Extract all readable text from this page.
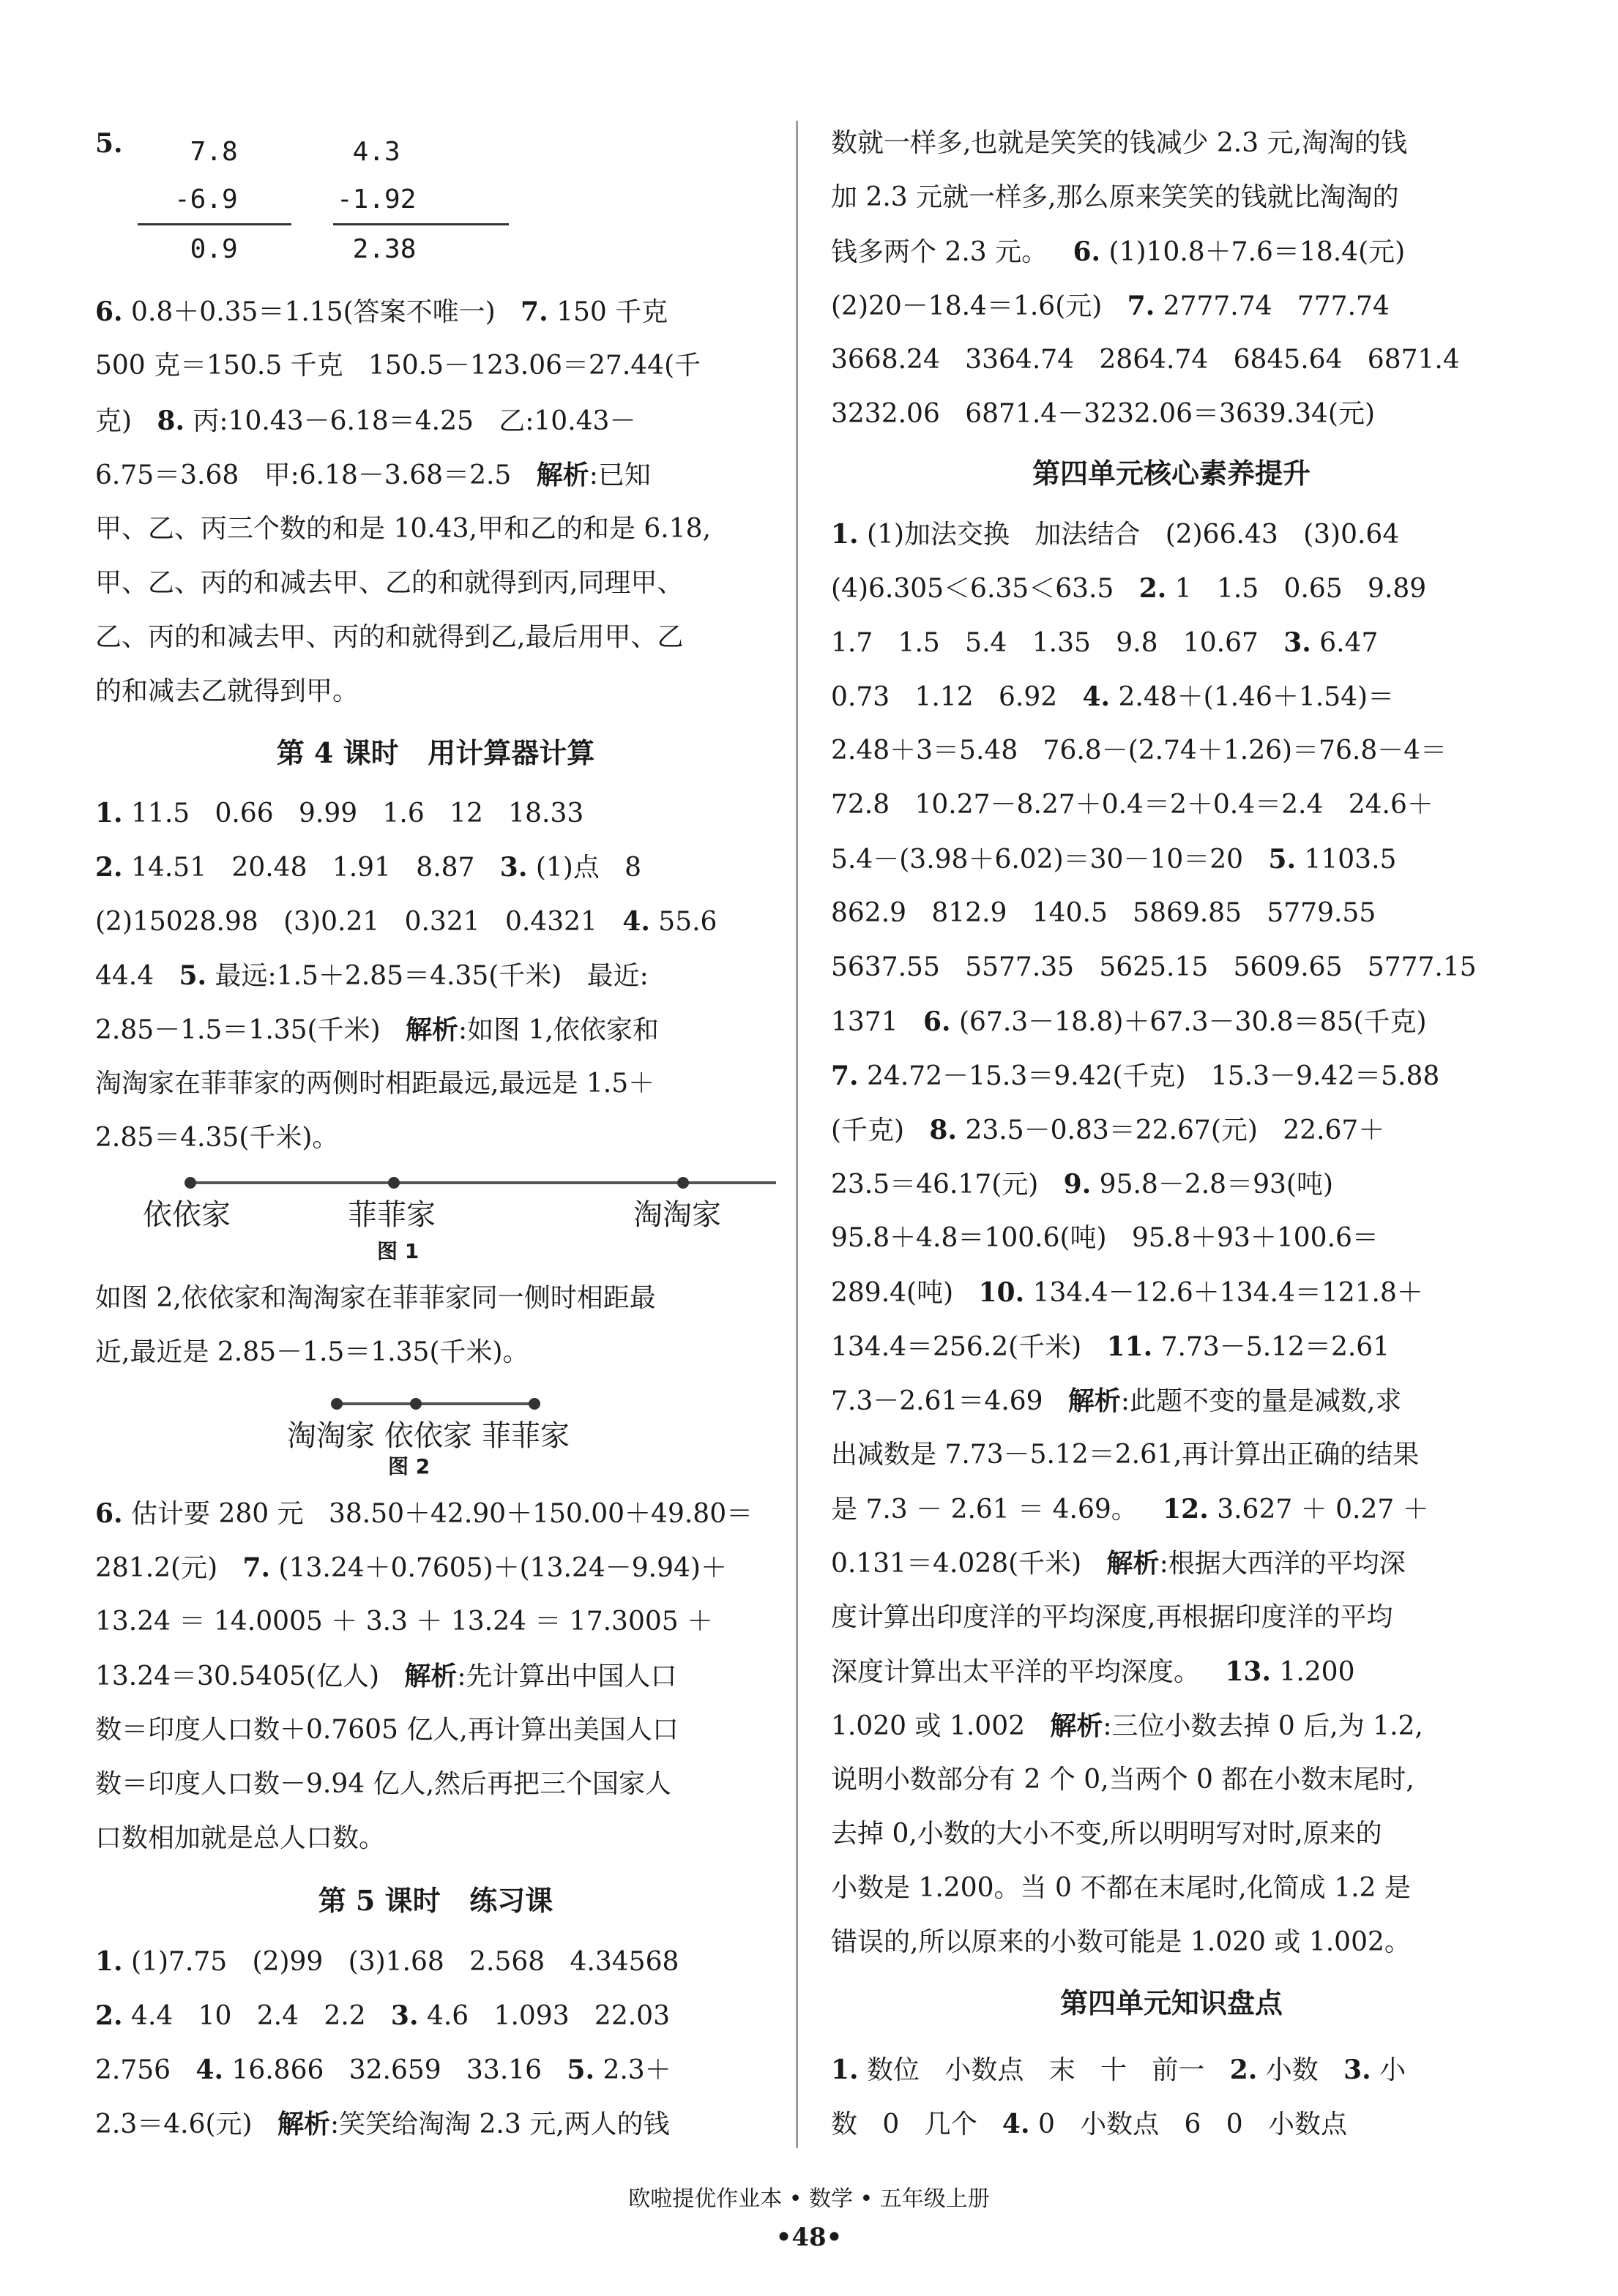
5. 7.8
-6.9
0.9
4.3
-1.92
2.38
6. 0.8＋0.35＝1.15(答案不唯一)   7. 150 千克
500 克＝150.5 千克   150.5－123.06＝27.44(千
克)   8. 丙:10.43－6.18＝4.25   乙:10.43－
6.75＝3.68   甲:6.18－3.68＝2.5   解析:已知
甲、乙、丙三个数的和是 10.43,甲和乙的和是 6.18,
甲、乙、丙的和减去甲、乙的和就得到丙,同理甲、
乙、丙的和减去甲、丙的和就得到乙,最后用甲、乙
的和减去乙就得到甲。
第 4 课时   用计算器计算
1. 11.5   0.66   9.99   1.6   12   18.33
2. 14.51   20.48   1.91   8.87   3. (1)点   8
(2)15028.98   (3)0.21   0.321   0.4321   4. 55.6
44.4   5. 最远:1.5＋2.85＝4.35(千米)   最近:
2.85－1.5＝1.35(千米)   解析:如图 1,依依家和
淘淘家在菲菲家的两侧时相距最远,最远是 1.5＋
2.85＝4.35(千米)。
依依家	菲菲家	淘淘家
图 1
如图 2,依依家和淘淘家在菲菲家同一侧时相距最
近,最近是 2.85－1.5＝1.35(千米)。
淘淘家 依依家 菲菲家
图 2
6. 估计要 280 元   38.50＋42.90＋150.00＋49.80＝
281.2(元)   7. (13.24＋0.7605)＋(13.24－9.94)＋
13.24 ＝ 14.0005 ＋ 3.3 ＋ 13.24 ＝ 17.3005 ＋
13.24＝30.5405(亿人)   解析:先计算出中国人口
数＝印度人口数＋0.7605 亿人,再计算出美国人口
数＝印度人口数－9.94 亿人,然后再把三个国家人
口数相加就是总人口数。
第 5 课时   练习课
1. (1)7.75   (2)99   (3)1.68   2.568   4.34568
2. 4.4   10   2.4   2.2   3. 4.6   1.093   22.03
2.756   4. 16.866   32.659   33.16   5. 2.3＋
2.3＝4.6(元)   解析:笑笑给淘淘 2.3 元,两人的钱
数就一样多,也就是笑笑的钱减少 2.3 元,淘淘的钱
加 2.3 元就一样多,那么原来笑笑的钱就比淘淘的
钱多两个 2.3 元。   6. (1)10.8＋7.6＝18.4(元)
(2)20－18.4＝1.6(元)   7. 2777.74   777.74
3668.24   3364.74   2864.74   6845.64   6871.4
3232.06   6871.4－3232.06＝3639.34(元)
第四单元核心素养提升
1. (1)加法交换   加法结合   (2)66.43   (3)0.64
(4)6.305＜6.35＜63.5   2. 1   1.5   0.65   9.89
1.7   1.5   5.4   1.35   9.8   10.67   3. 6.47
0.73   1.12   6.92   4. 2.48＋(1.46＋1.54)＝
2.48＋3＝5.48   76.8－(2.74＋1.26)＝76.8－4＝
72.8   10.27－8.27＋0.4＝2＋0.4＝2.4   24.6＋
5.4－(3.98＋6.02)＝30－10＝20   5. 1103.5
862.9   812.9   140.5   5869.85   5779.55
5637.55   5577.35   5625.15   5609.65   5777.15
1371   6. (67.3－18.8)＋67.3－30.8＝85(千克)
7. 24.72－15.3＝9.42(千克)   15.3－9.42＝5.88
(千克)   8. 23.5－0.83＝22.67(元)   22.67＋
23.5＝46.17(元)   9. 95.8－2.8＝93(吨)
95.8＋4.8＝100.6(吨)   95.8＋93＋100.6＝
289.4(吨)   10. 134.4－12.6＋134.4＝121.8＋
134.4＝256.2(千米)   11. 7.73－5.12＝2.61
7.3－2.61＝4.69   解析:此题不变的量是减数,求
出减数是 7.73－5.12＝2.61,再计算出正确的结果
是 7.3 － 2.61 ＝ 4.69。   12. 3.627 ＋ 0.27 ＋
0.131＝4.028(千米)   解析:根据大西洋的平均深
度计算出印度洋的平均深度,再根据印度洋的平均
深度计算出太平洋的平均深度。   13. 1.200
1.020 或 1.002   解析:三位小数去掉 0 后,为 1.2,
说明小数部分有 2 个 0,当两个 0 都在小数末尾时,
去掉 0,小数的大小不变,所以明明写对时,原来的
小数是 1.200。当 0 不都在末尾时,化简成 1.2 是
错误的,所以原来的小数可能是 1.020 或 1.002。
第四单元知识盘点
1. 数位   小数点   末   十   前一   2. 小数   3. 小
数   0   几个   4. 0   小数点   6   0   小数点
欧啦提优作业本 • 数学 • 五年级上册
•48•
